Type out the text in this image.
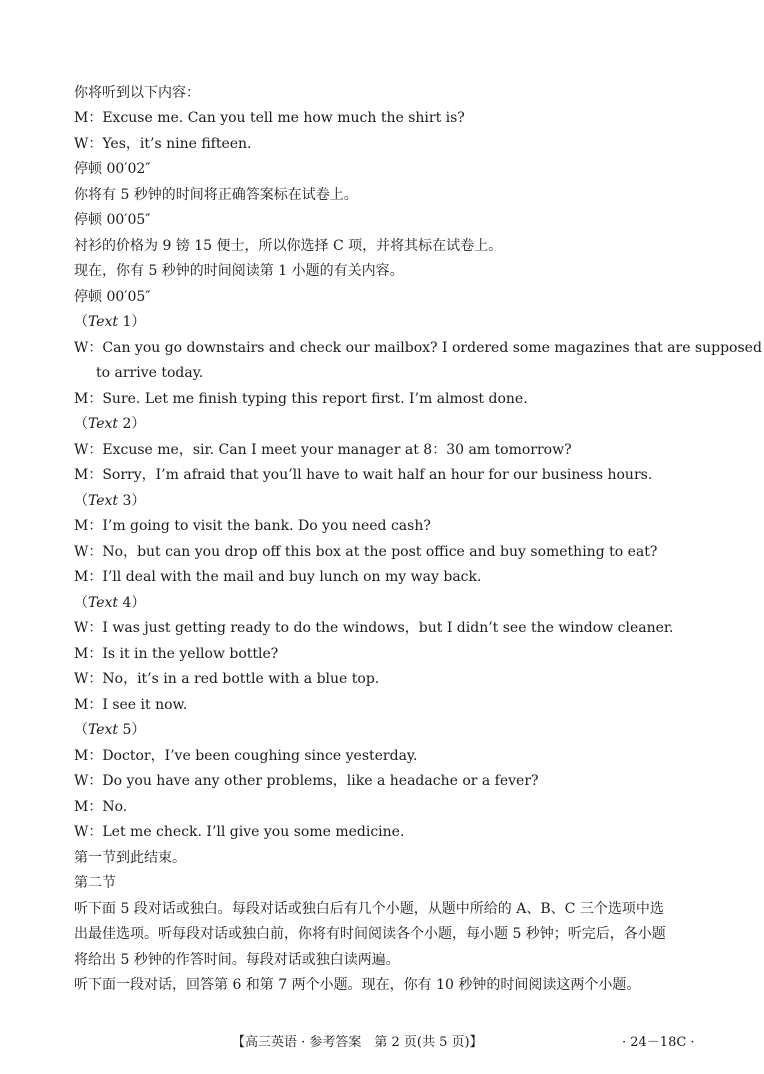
你将听到以下内容：
M：Excuse me. Can you tell me how much the shirt is?
W：Yes，it’s nine fifteen.
停顿 00′02″
你将有 5 秒钟的时间将正确答案标在试卷上。
停顿 00′05″
衬衫的价格为 9 镑 15 便士，所以你选择 C 项，并将其标在试卷上。
现在，你有 5 秒钟的时间阅读第 1 小题的有关内容。
停顿 00′05″
（Text 1）
W：Can you go downstairs and check our mailbox? I ordered some magazines that are supposed
to arrive today.
M：Sure. Let me finish typing this report first. I’m almost done.
（Text 2）
W：Excuse me，sir. Can I meet your manager at 8：30 am tomorrow?
M：Sorry，I’m afraid that you’ll have to wait half an hour for our business hours.
（Text 3）
M：I’m going to visit the bank. Do you need cash?
W：No，but can you drop off this box at the post office and buy something to eat?
M：I’ll deal with the mail and buy lunch on my way back.
（Text 4）
W：I was just getting ready to do the windows，but I didn’t see the window cleaner.
M：Is it in the yellow bottle?
W：No，it’s in a red bottle with a blue top.
M：I see it now.
（Text 5）
M：Doctor，I’ve been coughing since yesterday.
W：Do you have any other problems，like a headache or a fever?
M：No.
W：Let me check. I’ll give you some medicine.
第一节到此结束。
第二节
听下面 5 段对话或独白。每段对话或独白后有几个小题，从题中所给的 A、B、C 三个选项中选
出最佳选项。听每段对话或独白前，你将有时间阅读各个小题，每小题 5 秒钟；听完后，各小题
将给出 5 秒钟的作答时间。每段对话或独白读两遍。
听下面一段对话，回答第 6 和第 7 两个小题。现在，你有 10 秒钟的时间阅读这两个小题。
【高三英语 · 参考答案　第 2 页(共 5 页)】	· 24－18C ·
